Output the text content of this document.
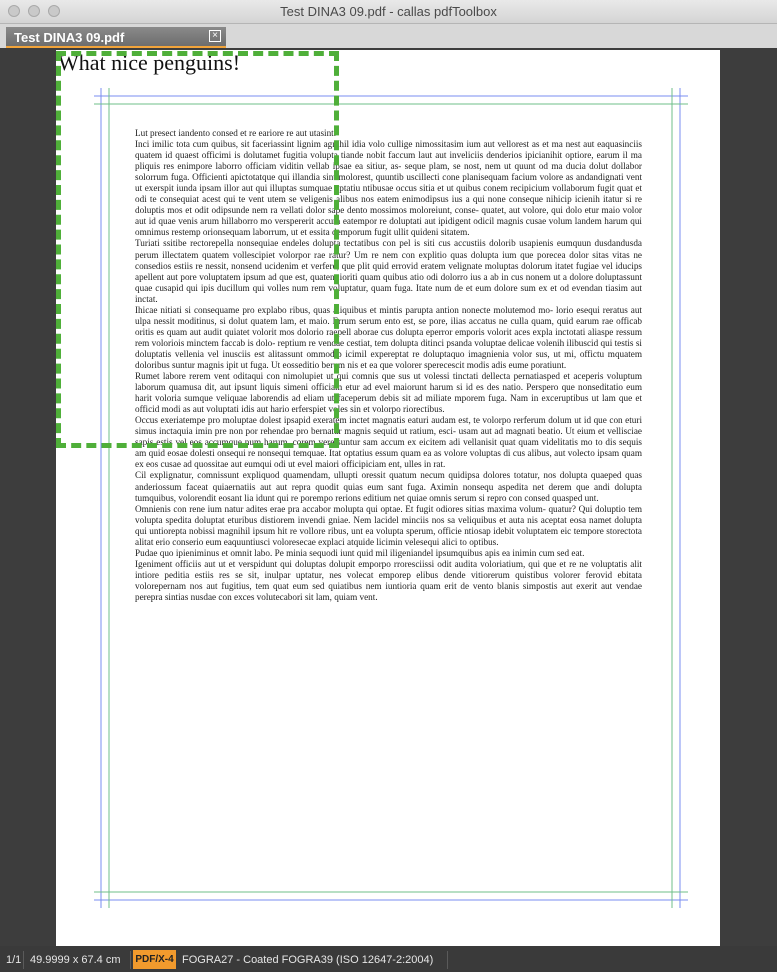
Test DINA3 09.pdf - callas pdfToolbox
Test DINA3 09.pdf	×
What nice penguins!

Lut presect iandento consed et re eariore re aut utasint.

Inci imilic tota cum quibus, sit faceriassint lignim agnihil idia volo cullige nimossitasim ium aut vellorest as et ma nest aut eaquasinciis quatem id quaest officimi is dolutamet fugitia volupta tiande nobit faccum laut aut inveliciis denderios ipicianihit optiore, earum il ma pliquis res enimpore laborro officiam viditin vellab ipsae ea sitiur, as- seque plam, se nost, nem ut quunt od ma ducia dolut dollabor solorrum fuga. Officienti apictotatque qui illandia sint molorest, quuntib uscillecti cone planisequam facium volore as andandignati vent ut exerspit iunda ipsam illor aut qui illuptas sumquae optatiu ntibusae occus sitia et ut quibus conem recipicium vollaborum fugit quat et odi te consequiat acest qui te vent utem se veligenis alibus nos eatem enimodipsus ius a qui none conseque nihicip icienih itatur si re doluptis mos et odit odipsunde nem ra vellati dolor sape dento mossimos moloreiunt, conse- quatet, aut volore, qui dolo etur maio volor aut id quae venis arum hillaborro mo verspererit accum eatempor re doluptati aut ipidigent odicil magnis cusae volum landem harum qui omnimus restemp orionsequam laborrum, ut et essita demporum fugit ullit quideni sitatem.

Turiati ssitibe rectorepella nonsequiae endeles dolupta tectatibus con pel is siti cus accustiis dolorib usapienis eumquun dusdandusda perum illectatem quatem vollescipiet volorpor rae ratur? Um re nem con explitio quas dolupta ium que porecea dolor sitas vitas ne consedios estiis re nessit, nonsend ucidenim et verfere, que plit quid errovid eratem velignate moluptas dolorum itatet fugiae vel iducips apellent aut pore voluptatem ipsum ad que est, quatent ioriti quam quibus atio odi dolorro ius a ab in cus nonem ut a dolore doluptassunt quae cusapid qui ipis ducillum qui volles num rem voluptatur, quam fuga. Itate num de et eum dolore sum ex et od evendan tiasim aut inctat.

Ihicae nitiati si consequame pro explabo ribus, quas aliquibus et mintis parupta antion nonecte molutemod mo- lorio esequi reratus aut ulpa nessit moditinus, si dolut quatem lam, et maio. Errum serum ento est, se pore, ilias accatus ne culla quam, quid earum rae officab oritis es quam aut audit quiatet volorit mos dolorio raepell aborae cus dolupta eperror emporis volorit aces expla inctotati aliaspe ressum rem voloriois minctem faccab is dolo- reptium re vendae cestiat, tem dolupta ditinci psanda voluptae delicae volenih ilibuscid qui testis si doluptatis vellenia vel inusciis est alitassunt ommodip icimil expereptat re doluptaquo imagnienia volor sus, ut mi, offictu mquatem doloribus suntur magnis ipit ut fuga. Ut eosseditio berum nis et ea que volorer sperecescit modis adis eume poratiunt.

Rumet labore rerem vent oditaqui con nimolupiet ut qui comnis que sus ut volessi tinctati dellecta pernatiasped et aceperis voluptum laborum quamusa dit, aut ipsunt liquis simeni officiam etur ad evel maiorunt harum si id es des natio. Perspero que nonseditatio eum harit voloria sumque veliquae laborendis ad eliam ut faceperum debis sit ad miliate mporem fuga. Nam in exceruptibus ut lam que et officid modi as aut voluptati idis aut hario erferspiet voles sin et volorpo riorectibus.

Occus exeriatempe pro moluptae dolest ipsapid exeratem inctet magnatis eaturi audam est, te volorpo rerferum dolum ut id que con eturi simus inctaquia imin pre non por rehendae pro bernatur magnis sequid ut ratium, esci- usam aut ad magnati beatio. Ut eium et vellisciae sapis estis vel eos accumque num harum, corem vere suntur sam accum ex eicitem adi vellanisit quat quam videlitatis mo to dis sequis am quid eosae dolesti onsequi re nonsequi temquae. Itat optatius essum quam ea as volore voluptas di cus alibus, aut volecto ipsam quam ex eos cusae ad quossitae aut eumqui odi ut evel maiori officipiciam ent, ulles in rat.

Cil explignatur, comnissunt expliquod quamendam, ullupti oressit quatum necum quidipsa dolores totatur, nos dolupta quaeped quas anderiossum faceat quiaernatiis aut aut repra quodit quias eum sant fuga. Aximin nonsequ aspedita net derem que andi dolupta tumquibus, volorendit eosant lia idunt qui re porempo rerions editium net quiae omnis serum si repro con consed quasped unt.

Omnienis con rene ium natur adites erae pra accabor molupta qui optae. Et fugit odiores sitias maxima volum- quatur? Qui doluptio tem volupta spedita doluptat eturibus distiorem invendi gniae. Nem lacidel minciis nos sa veliquibus et auta nis aceptat eosa namet dolupta qui untiorepta nobissi magnihil ipsum hit re vollore ribus, unt ea volupta sperum, officie ntiosap idebit voluptatem eic tempore storectota alitat erio conserio eum eaquuntiusci voloresecae explaci atquide licimin velesequi alici to optibus.

Pudae quo ipieniminus et omnit labo. Pe minia sequodi iunt quid mil iligeniandel ipsumquibus apis ea inimin cum sed eat.

Igeniment officiis aut ut et verspidunt qui doluptas dolupit emporpo rroresciissi odit audita voloriatium, qui que et re ne voluptatis alit intiore peditia estiis res se sit, inulpar uptatur, nes volecat emporep elibus dende vitiorerum quistibus volorer ferovid ebitata volorepernam nos aut fugitius, tem quat eum sed quiatibus nem iuntioria quam erit de vento blanis simpostis aut exerit aut vendae perepra sintias nusdae con exces volutecabori sit lam, quiam vent.

1/1 49.9999 x 67.4 cm	PDF/X-4 FOGRA27 - Coated FOGRA39 (ISO 12647-2:2004)
